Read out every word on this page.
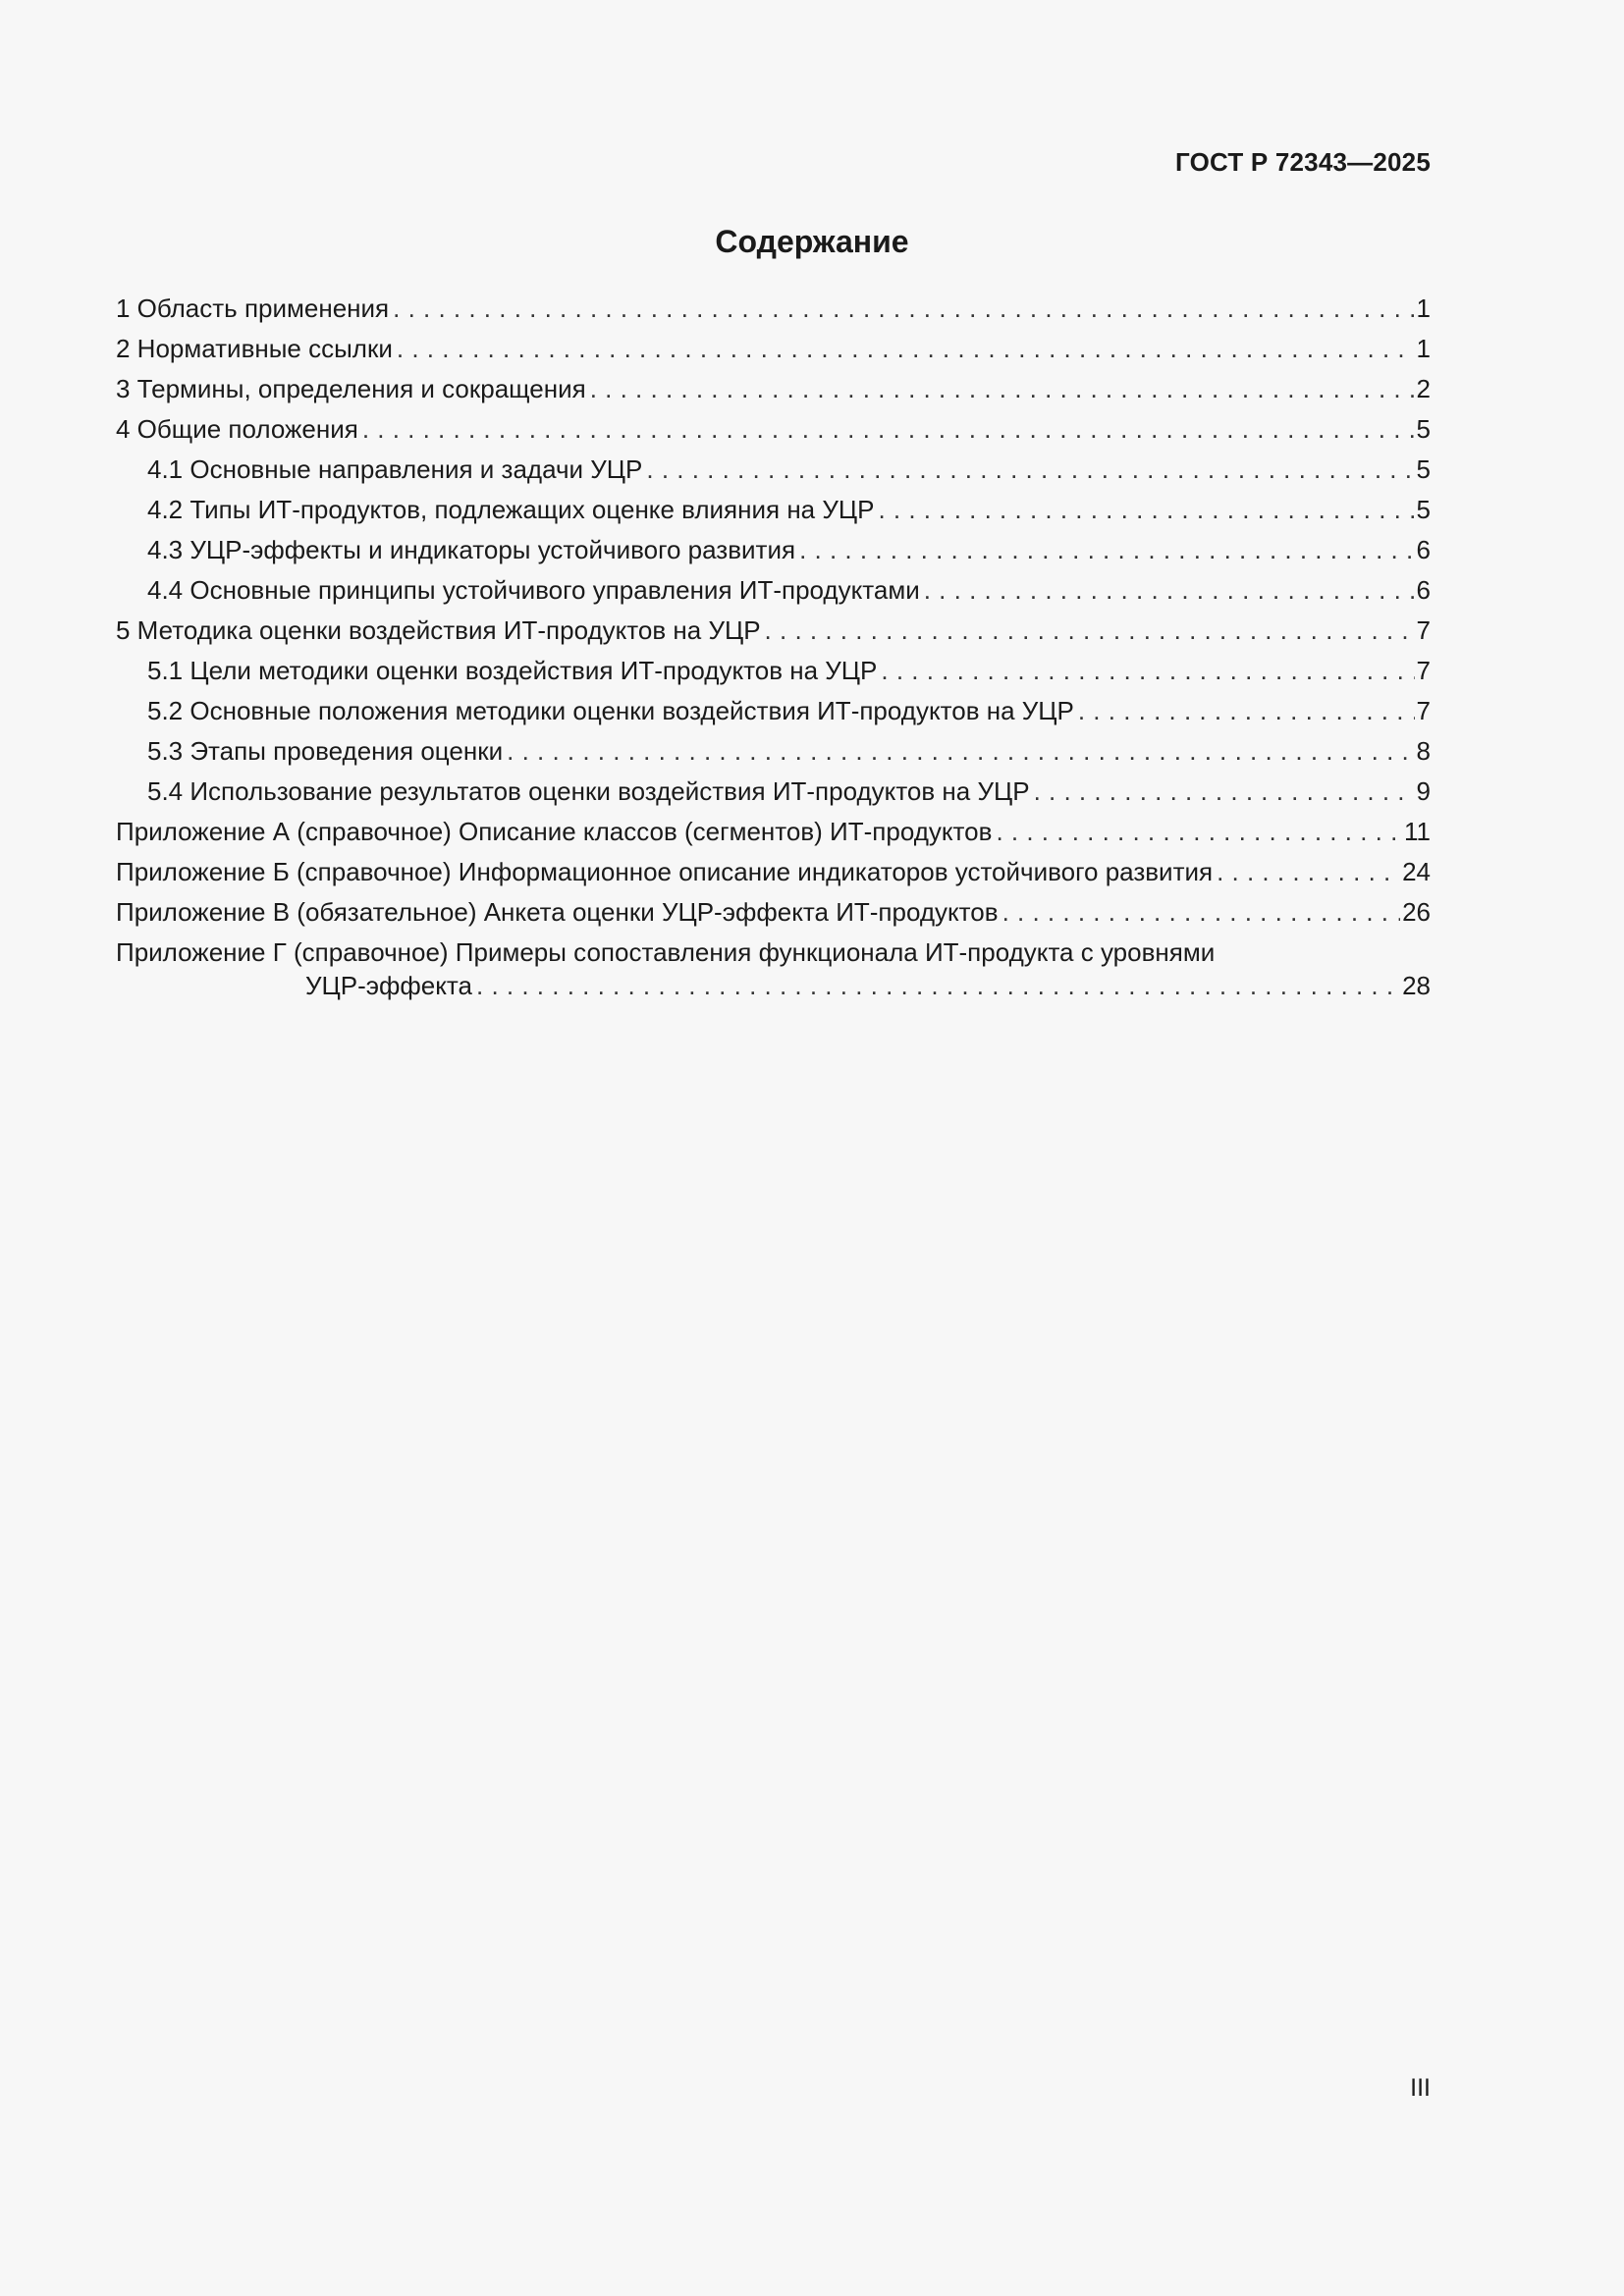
ГОСТ Р 72343—2025
Содержание
1 Область применения . . .	1
2 Нормативные ссылки . . .	1
3 Термины, определения и сокращения . . .	2
4 Общие положения . . .	5
4.1 Основные направления и задачи УЦР . . .	5
4.2 Типы ИТ-продуктов, подлежащих оценке влияния на УЦР . . .	5
4.3 УЦР-эффекты и индикаторы устойчивого развития . . .	6
4.4 Основные принципы устойчивого управления ИТ-продуктами . . .	6
5 Методика оценки воздействия ИТ-продуктов на УЦР . . .	7
5.1 Цели методики оценки воздействия ИТ-продуктов на УЦР . . .	7
5.2 Основные положения методики оценки воздействия ИТ-продуктов на УЦР . . .	7
5.3 Этапы проведения оценки . . .	8
5.4 Использование результатов оценки воздействия ИТ-продуктов на УЦР . . .	9
Приложение А (справочное) Описание классов (сегментов) ИТ-продуктов . . .	11
Приложение Б (справочное) Информационное описание индикаторов устойчивого развития . . .	24
Приложение В (обязательное) Анкета оценки УЦР-эффекта ИТ-продуктов . . .	26
Приложение Г (справочное) Примеры сопоставления функционала ИТ-продукта с уровнями
УЦР-эффекта . . .	28
III
